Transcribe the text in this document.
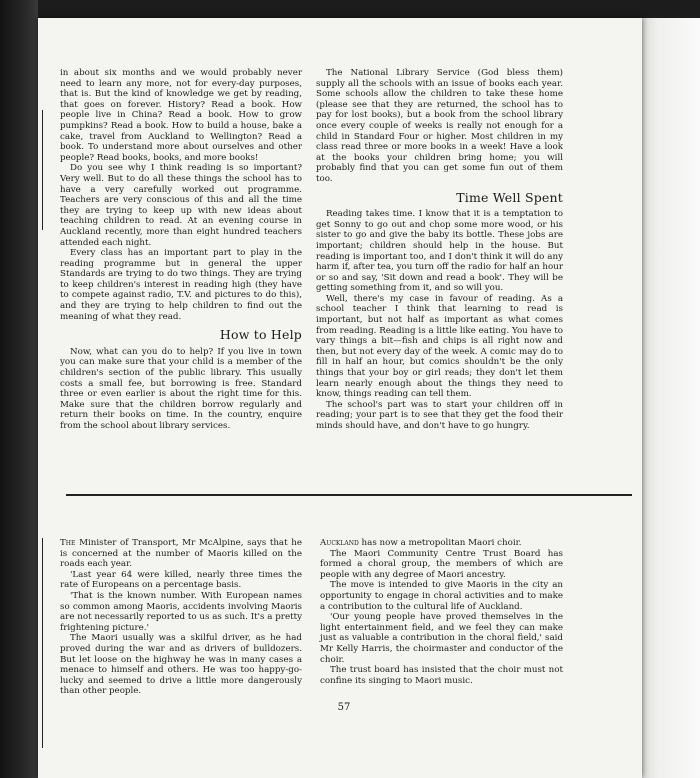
in about six months and we would probably never need to learn any more, not for every-day purposes, that is. But the kind of knowledge we get by reading, that goes on forever. History? Read a book. How people live in China? Read a book. How to grow pumpkins? Read a book. How to build a house, bake a cake, travel from Auckland to Wellington? Read a book. To understand more about ourselves and other people? Read books, books, and more books!

Do you see why I think reading is so important? Very well. But to do all these things the school has to have a very carefully worked out programme. Teachers are very conscious of this and all the time they are trying to keep up with new ideas about teaching children to read. At an evening course in Auckland recently, more than eight hundred teachers attended each night.

Every class has an important part to play in the reading programme but in general the upper Standards are trying to do two things. They are trying to keep children's interest in reading high (they have to compete against radio, T.V. and pictures to do this), and they are trying to help children to find out the meaning of what they read.

How to Help

Now, what can you do to help? If you live in town you can make sure that your child is a member of the children's section of the public library. This usually costs a small fee, but borrowing is free. Standard three or even earlier is about the right time for this. Make sure that the children borrow regularly and return their books on time. In the country, enquire from the school about library services.

The National Library Service (God bless them) supply all the schools with an issue of books each year. Some schools allow the children to take these home (please see that they are returned, the school has to pay for lost books), but a book from the school library once every couple of weeks is really not enough for a child in Standard Four or higher. Most children in my class read three or more books in a week! Have a look at the books your children bring home; you will probably find that you can get some fun out of them too.

Time Well Spent

Reading takes time. I know that it is a temptation to get Sonny to go out and chop some more wood, or his sister to go and give the baby its bottle. These jobs are important; children should help in the house. But reading is important too, and I don't think it will do any harm if, after tea, you turn off the radio for half an hour or so and say, 'Sit down and read a book'. They will be getting something from it, and so will you.

Well, there's my case in favour of reading. As a school teacher I think that learning to read is important, but not half as important as what comes from reading. Reading is a little like eating. You have to vary things a bit—fish and chips is all right now and then, but not every day of the week. A comic may do to fill in half an hour, but comics shouldn't be the only things that your boy or girl reads; they don't let them learn nearly enough about the things they need to know, things reading can tell them.

The school's part was to start your children off in reading; your part is to see that they get the food their minds should have, and don't have to go hungry.

The Minister of Transport, Mr McAlpine, says that he is concerned at the number of Maoris killed on the roads each year.

'Last year 64 were killed, nearly three times the rate of Europeans on a percentage basis.

'That is the known number. With European names so common among Maoris, accidents involving Maoris are not necessarily reported to us as such. It's a pretty frightening picture.'

The Maori usually was a skilful driver, as he had proved during the war and as drivers of bulldozers. But let loose on the highway he was in many cases a menace to himself and others. He was too happy-go-lucky and seemed to drive a little more dangerously than other people.

Auckland has now a metropolitan Maori choir.

The Maori Community Centre Trust Board has formed a choral group, the members of which are people with any degree of Maori ancestry.

The move is intended to give Maoris in the city an opportunity to engage in choral activities and to make a contribution to the cultural life of Auckland.

'Our young people have proved themselves in the light entertainment field, and we feel they can make just as valuable a contribution in the choral field,' said Mr Kelly Harris, the choirmaster and conductor of the choir.

The trust board has insisted that the choir must not confine its singing to Maori music.

57
